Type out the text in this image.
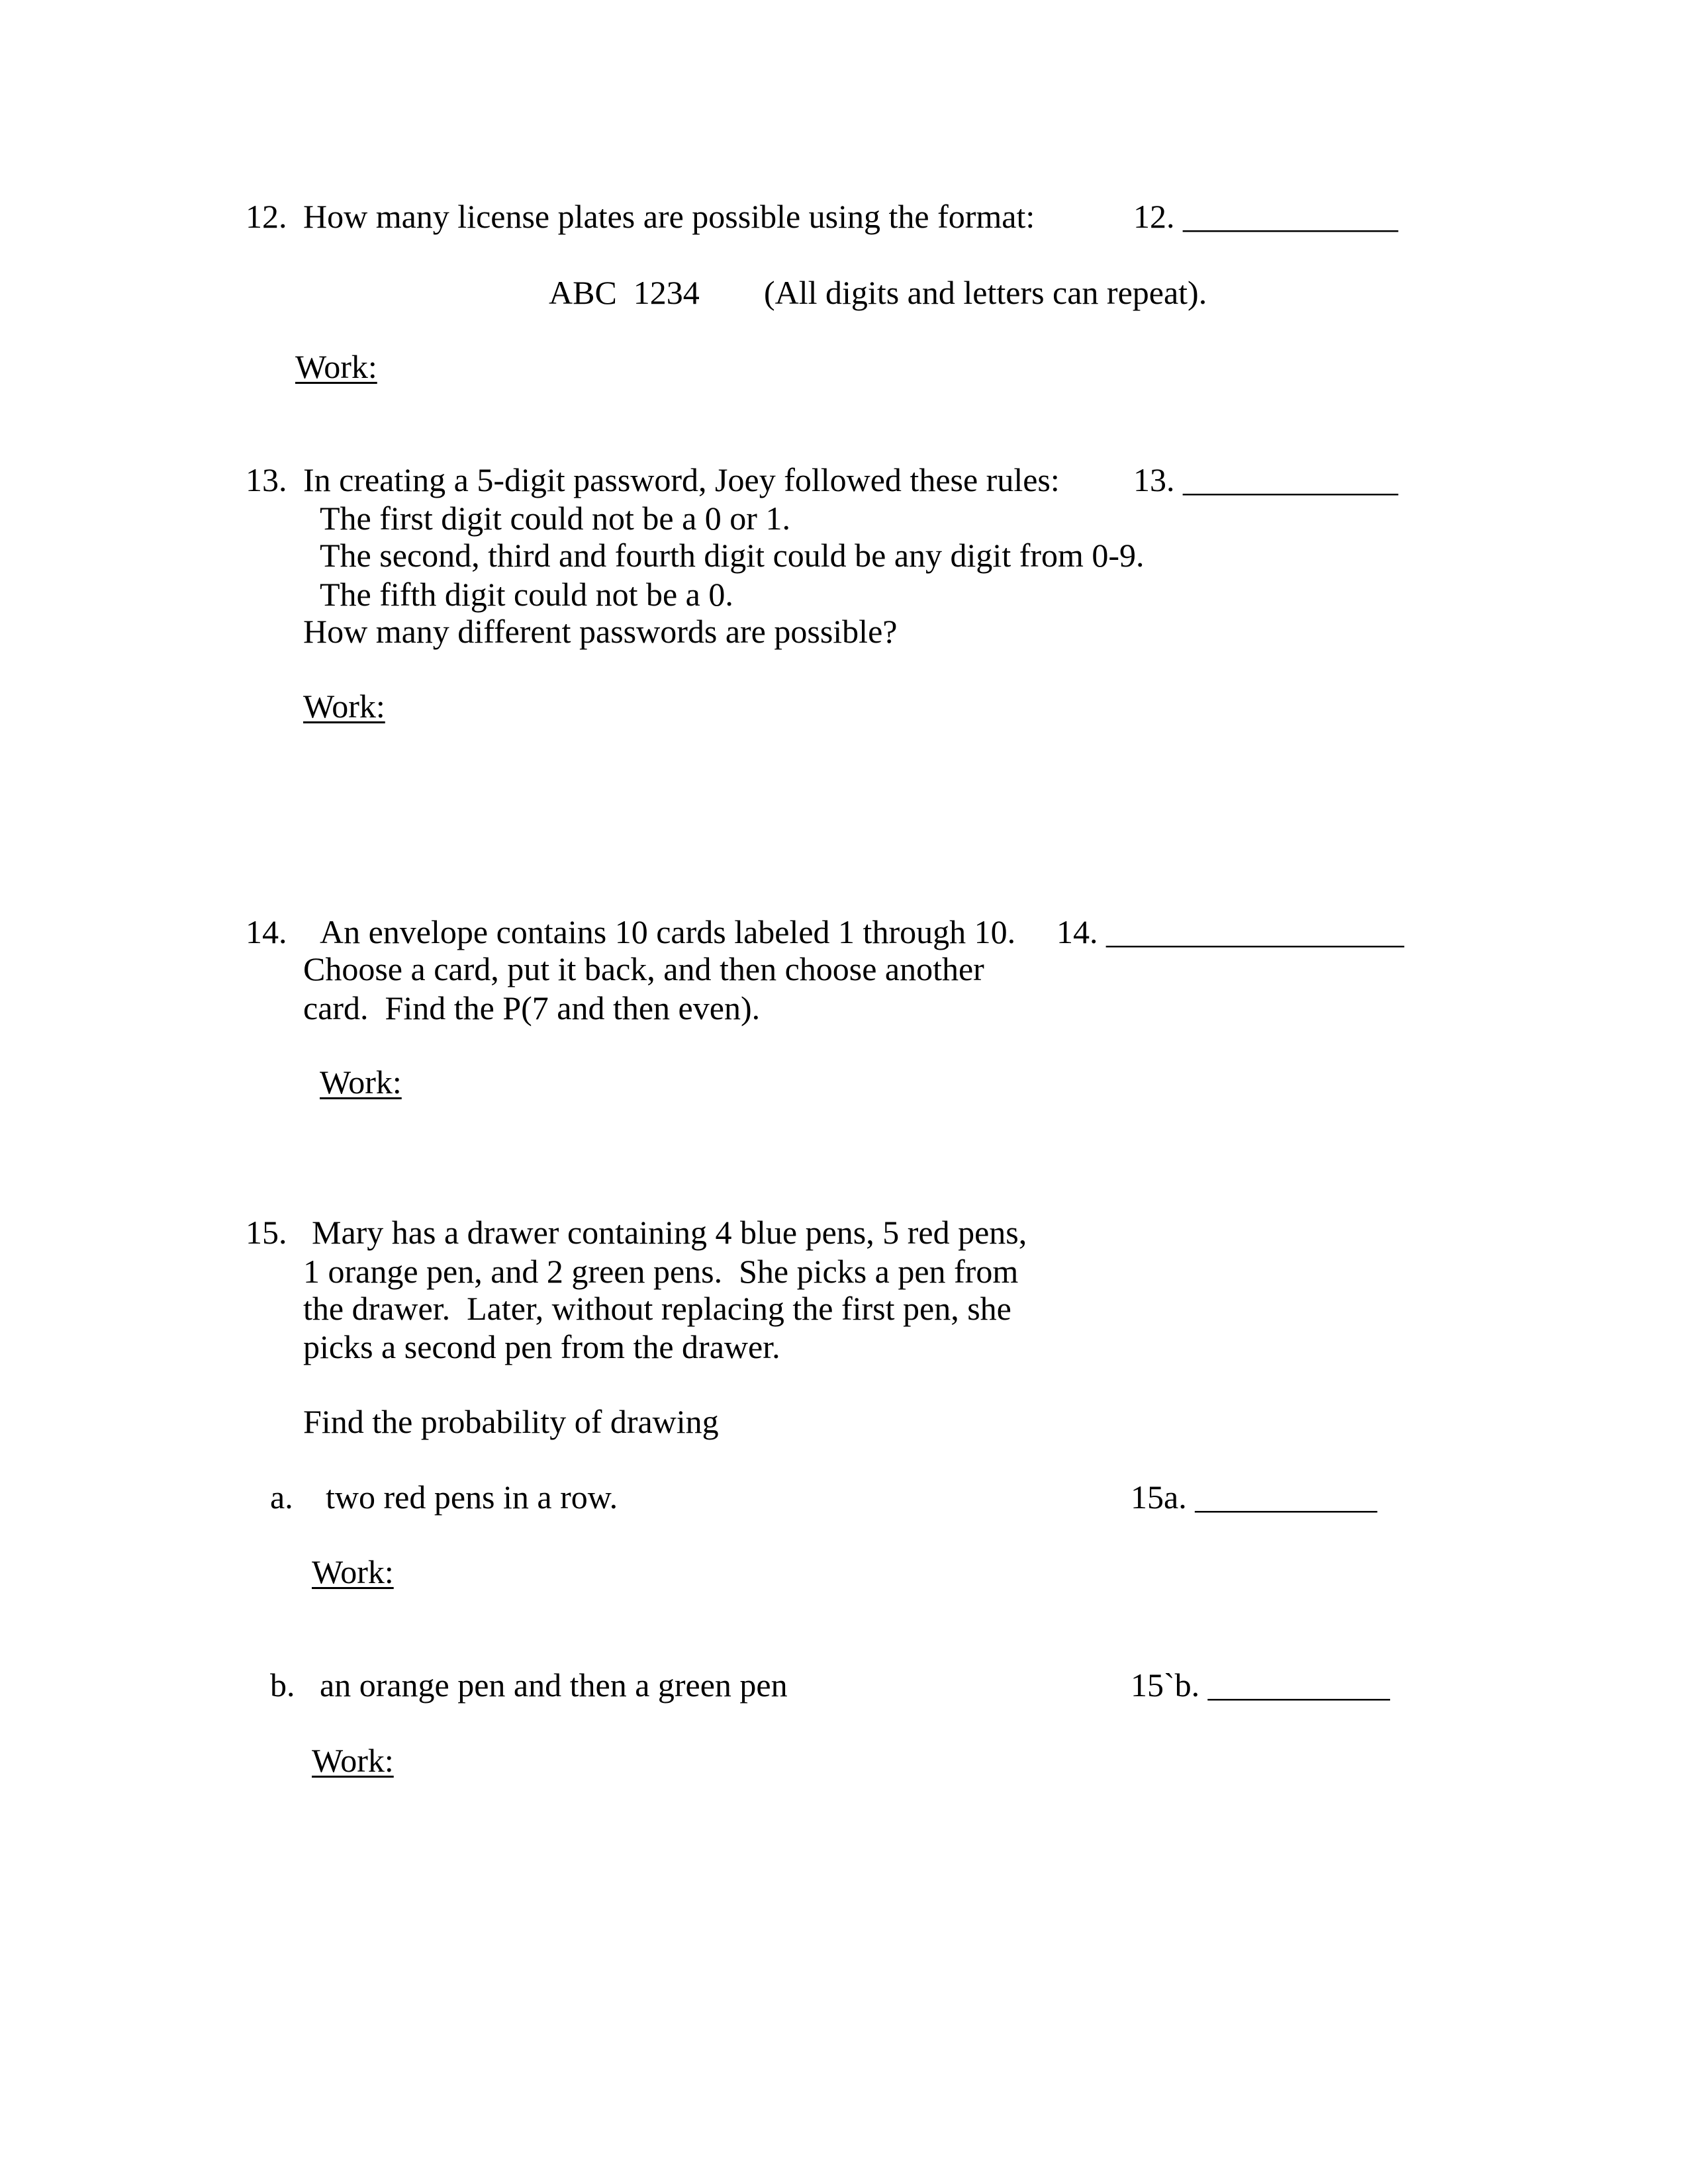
12. How many license plates are possible using the format:	12. _____________
ABC  1234 (All digits and letters can repeat).
Work:
13. In creating a 5-digit password, Joey followed these rules: 13. _____________
The first digit could not be a 0 or 1.
The second, third and fourth digit could be any digit from 0-9.
The fifth digit could not be a 0.
How many different passwords are possible?
Work:
14. An envelope contains 10 cards labeled 1 through 10. 14. __________________
Choose a card, put it back, and then choose another
card.  Find the P(7 and then even).
Work:
15. Mary has a drawer containing 4 blue pens, 5 red pens,
1 orange pen, and 2 green pens.  She picks a pen from
the drawer.  Later, without replacing the first pen, she
picks a second pen from the drawer.
Find the probability of drawing
a. two red pens in a row.	15a. ___________
Work:
b. an orange pen and then a green pen	15`b. ___________
Work:
